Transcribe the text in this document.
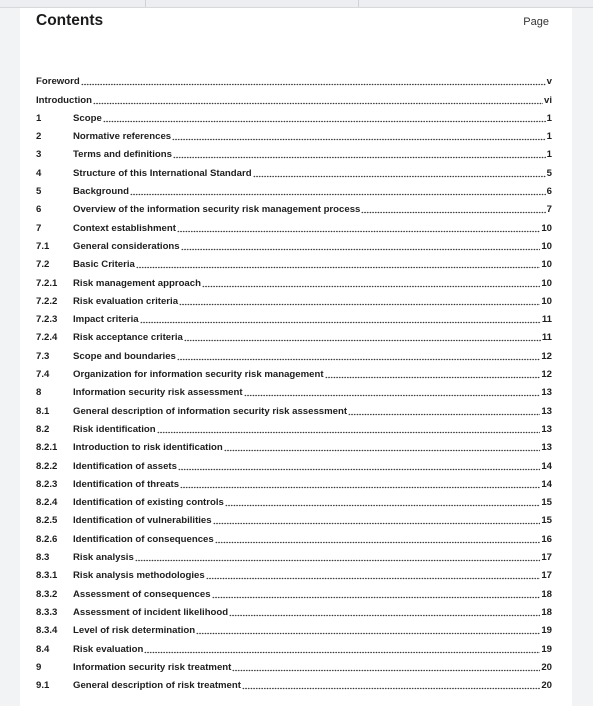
Contents	Page
Foreword	v
Introduction	vi
1	Scope	1
2	Normative references	1
3	Terms and definitions	1
4	Structure of this International Standard	5
5	Background	6
6	Overview of the information security risk management process	7
7	Context establishment	10
7.1	General considerations	10
7.2	Basic Criteria	10
7.2.1	Risk management approach	10
7.2.2	Risk evaluation criteria	10
7.2.3	Impact criteria	11
7.2.4	Risk acceptance criteria	11
7.3	Scope and boundaries	12
7.4	Organization for information security risk management	12
8	Information security risk assessment	13
8.1	General description of information security risk assessment	13
8.2	Risk identification	13
8.2.1	Introduction to risk identification	13
8.2.2	Identification of assets	14
8.2.3	Identification of threats	14
8.2.4	Identification of existing controls	15
8.2.5	Identification of vulnerabilities	15
8.2.6	Identification of consequences	16
8.3	Risk analysis	17
8.3.1	Risk analysis methodologies	17
8.3.2	Assessment of consequences	18
8.3.3	Assessment of incident likelihood	18
8.3.4	Level of risk determination	19
8.4	Risk evaluation	19
9	Information security risk treatment	20
9.1	General description of risk treatment	20
